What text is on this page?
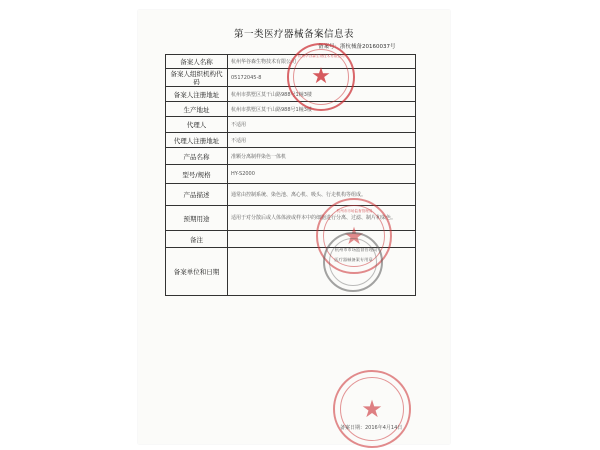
第一类医疗器械备案信息表
备案号：浙杭械备20160037号
备案人名称	杭州华谷森生物技术有限公司
备案人组织机构代码	05172045-8
备案人注册地址	杭州市拱墅区莫干山路988号1幢3楼
生产地址	杭州市拱墅区莫干山路988号1幢3楼
代理人	不适用
代理人注册地址	不适用
产品名称	准颗分离制样染色一体机
型号/规格	HY-S2000
产品描述	通常由控制系统、染色池、离心机、吸头、行走机构等组成。
预期用途	适用于对分散后或人体体液或样本中的细胞进行分离、过滤、制片和染色。
备注	
备案单位和日期	
★
杭州华谷森生物技术有限公司
★
杭州市市场监督管理局
杭州市市场监督管理局
医疗器械备案专用章
★
备案日期：2016年4月14日
